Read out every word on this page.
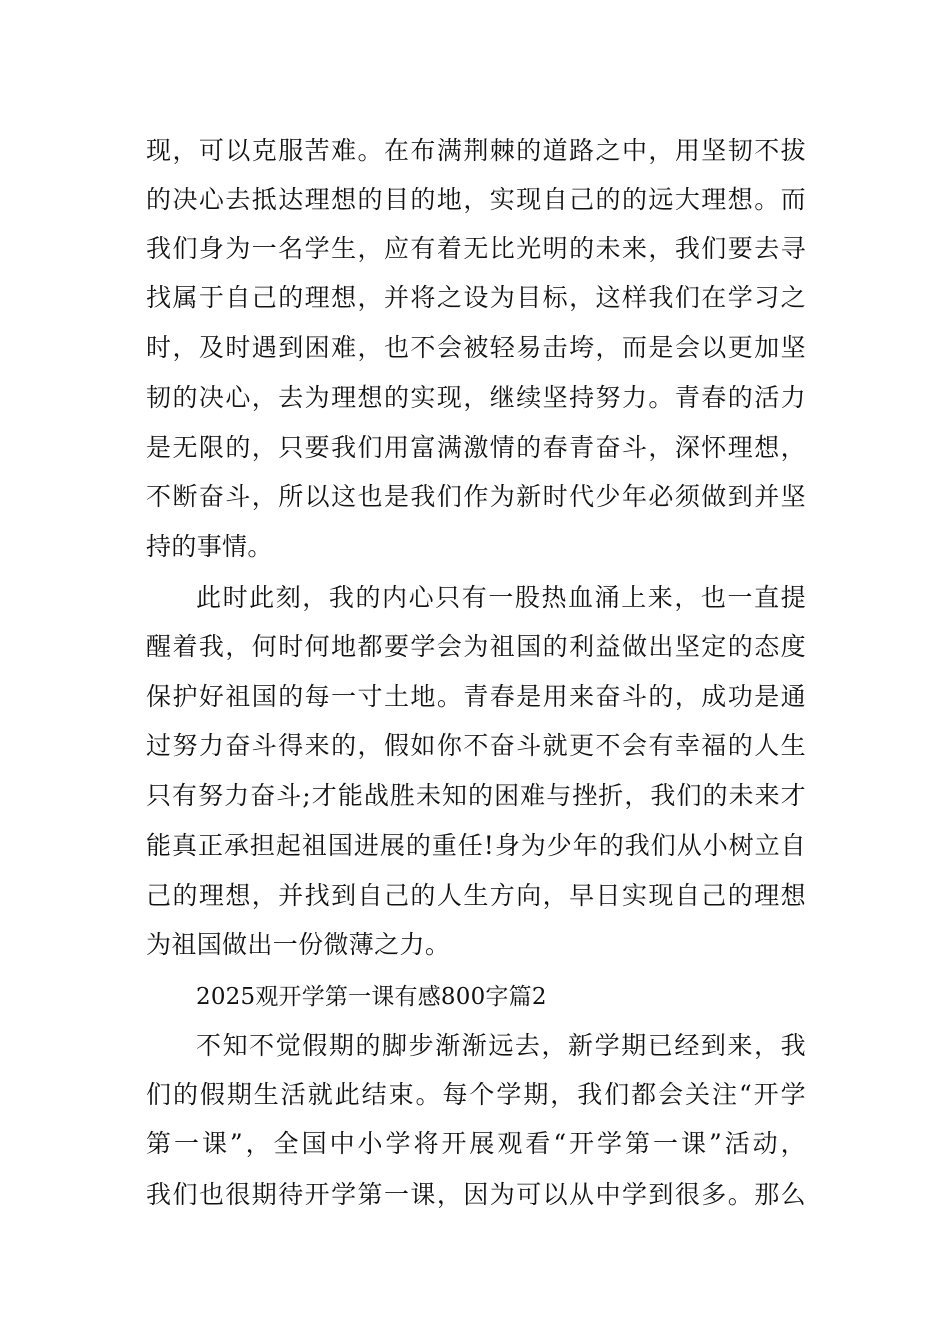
现，可以克服苦难。在布满荆棘的道路之中，用坚韧不拔

的决心去抵达理想的目的地，实现自己的的远大理想。而

我们身为一名学生，应有着无比光明的未来，我们要去寻

找属于自己的理想，并将之设为目标，这样我们在学习之

时，及时遇到困难，也不会被轻易击垮，而是会以更加坚

韧的决心，去为理想的实现，继续坚持努力。青春的活力

是无限的，只要我们用富满激情的春青奋斗，深怀理想，

不断奋斗，所以这也是我们作为新时代少年必须做到并坚

持的事情。

此时此刻，我的内心只有一股热血涌上来，也一直提

醒着我，何时何地都要学会为祖国的利益做出坚定的态度

保护好祖国的每一寸土地。青春是用来奋斗的，成功是通

过努力奋斗得来的，假如你不奋斗就更不会有幸福的人生

只有努力奋斗;才能战胜未知的困难与挫折，我们的未来才

能真正承担起祖国进展的重任!身为少年的我们从小树立自

己的理想，并找到自己的人生方向，早日实现自己的理想

为祖国做出一份微薄之力。

2025观开学第一课有感800字篇2

不知不觉假期的脚步渐渐远去，新学期已经到来，我

们的假期生活就此结束。每个学期，我们都会关注“开学

第一课”，全国中小学将开展观看“开学第一课”活动，

我们也很期待开学第一课，因为可以从中学到很多。那么
